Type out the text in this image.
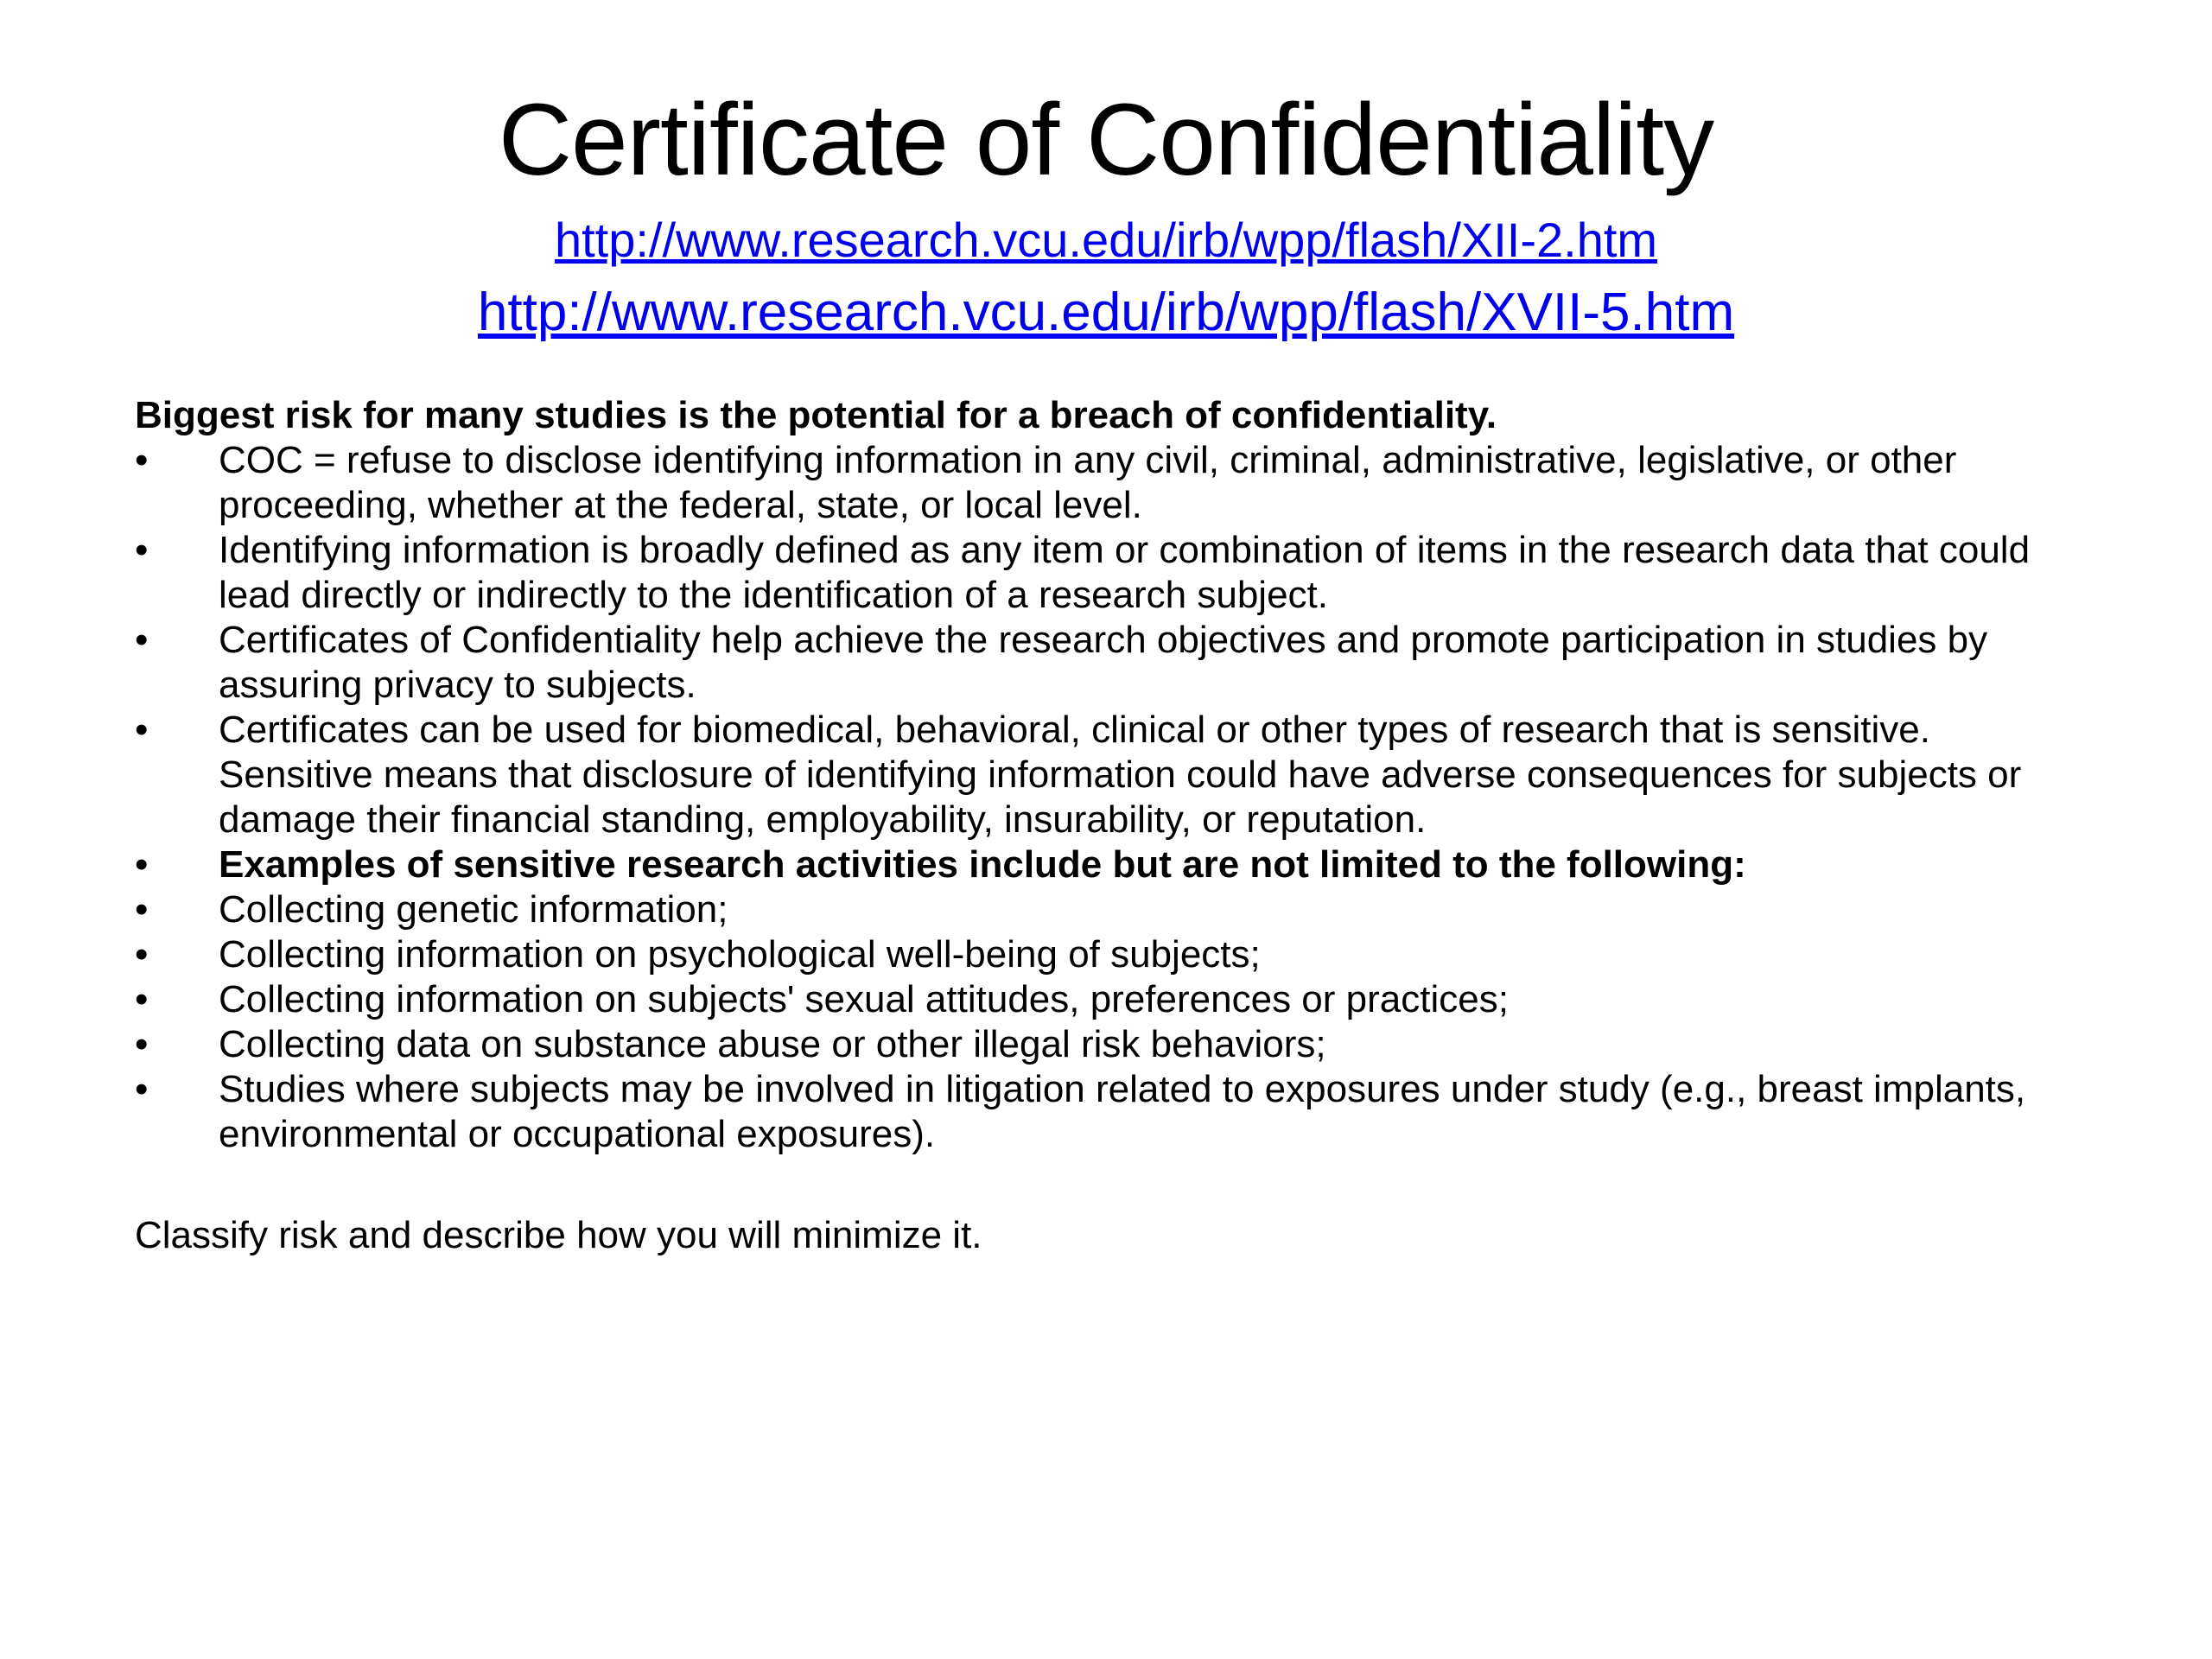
Certificate of Confidentiality
http://www.research.vcu.edu/irb/wpp/flash/XII-2.htm
http://www.research.vcu.edu/irb/wpp/flash/XVII-5.htm

Biggest risk for many studies is the potential for a breach of confidentiality.

• COC = refuse to disclose identifying information in any civil, criminal, administrative, legislative, or other proceeding, whether at the federal, state, or local level.
• Identifying information is broadly defined as any item or combination of items in the research data that could lead directly or indirectly to the identification of a research subject.
• Certificates of Confidentiality help achieve the research objectives and promote participation in studies by assuring privacy to subjects.
• Certificates can be used for biomedical, behavioral, clinical or other types of research that is sensitive. Sensitive means that disclosure of identifying information could have adverse consequences for subjects or damage their financial standing, employability, insurability, or reputation.
• Examples of sensitive research activities include but are not limited to the following:
• Collecting genetic information;
• Collecting information on psychological well-being of subjects;
• Collecting information on subjects' sexual attitudes, preferences or practices;
• Collecting data on substance abuse or other illegal risk behaviors;
• Studies where subjects may be involved in litigation related to exposures under study (e.g., breast implants, environmental or occupational exposures).

Classify risk and describe how you will minimize it.
